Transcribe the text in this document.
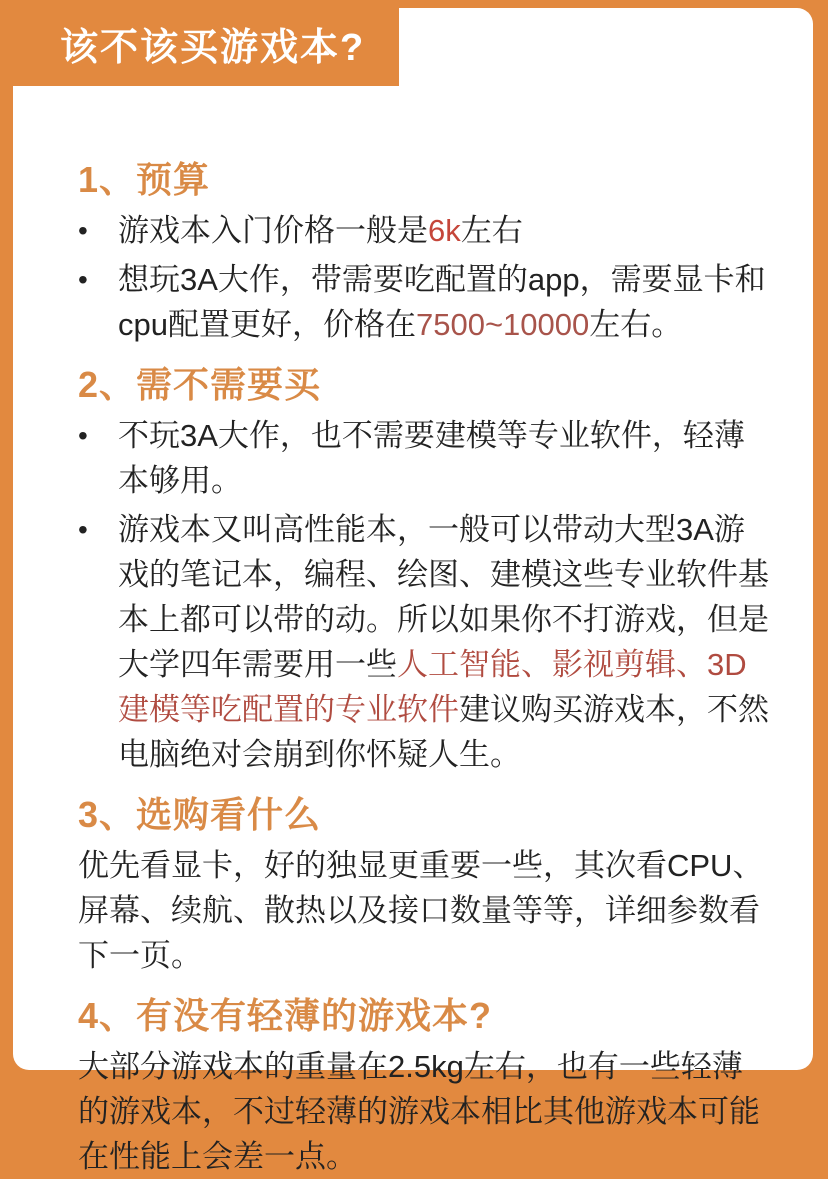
该不该买游戏本?
1、预算
• 游戏本入门价格一般是6k左右
• 想玩3A大作，带需要吃配置的app，需要显卡和cpu配置更好，价格在7500~10000左右。
2、需不需要买
• 不玩3A大作，也不需要建模等专业软件，轻薄本够用。
• 游戏本又叫高性能本，一般可以带动大型3A游戏的笔记本，编程、绘图、建模这些专业软件基本上都可以带的动。所以如果你不打游戏，但是大学四年需要用一些人工智能、影视剪辑、3D建模等吃配置的专业软件建议购买游戏本，不然电脑绝对会崩到你怀疑人生。
3、选购看什么

优先看显卡，好的独显更重要一些，其次看CPU、屏幕、续航、散热以及接口数量等等，详细参数看下一页。

4、有没有轻薄的游戏本?

大部分游戏本的重量在2.5kg左右，也有一些轻薄的游戏本，不过轻薄的游戏本相比其他游戏本可能在性能上会差一点。
